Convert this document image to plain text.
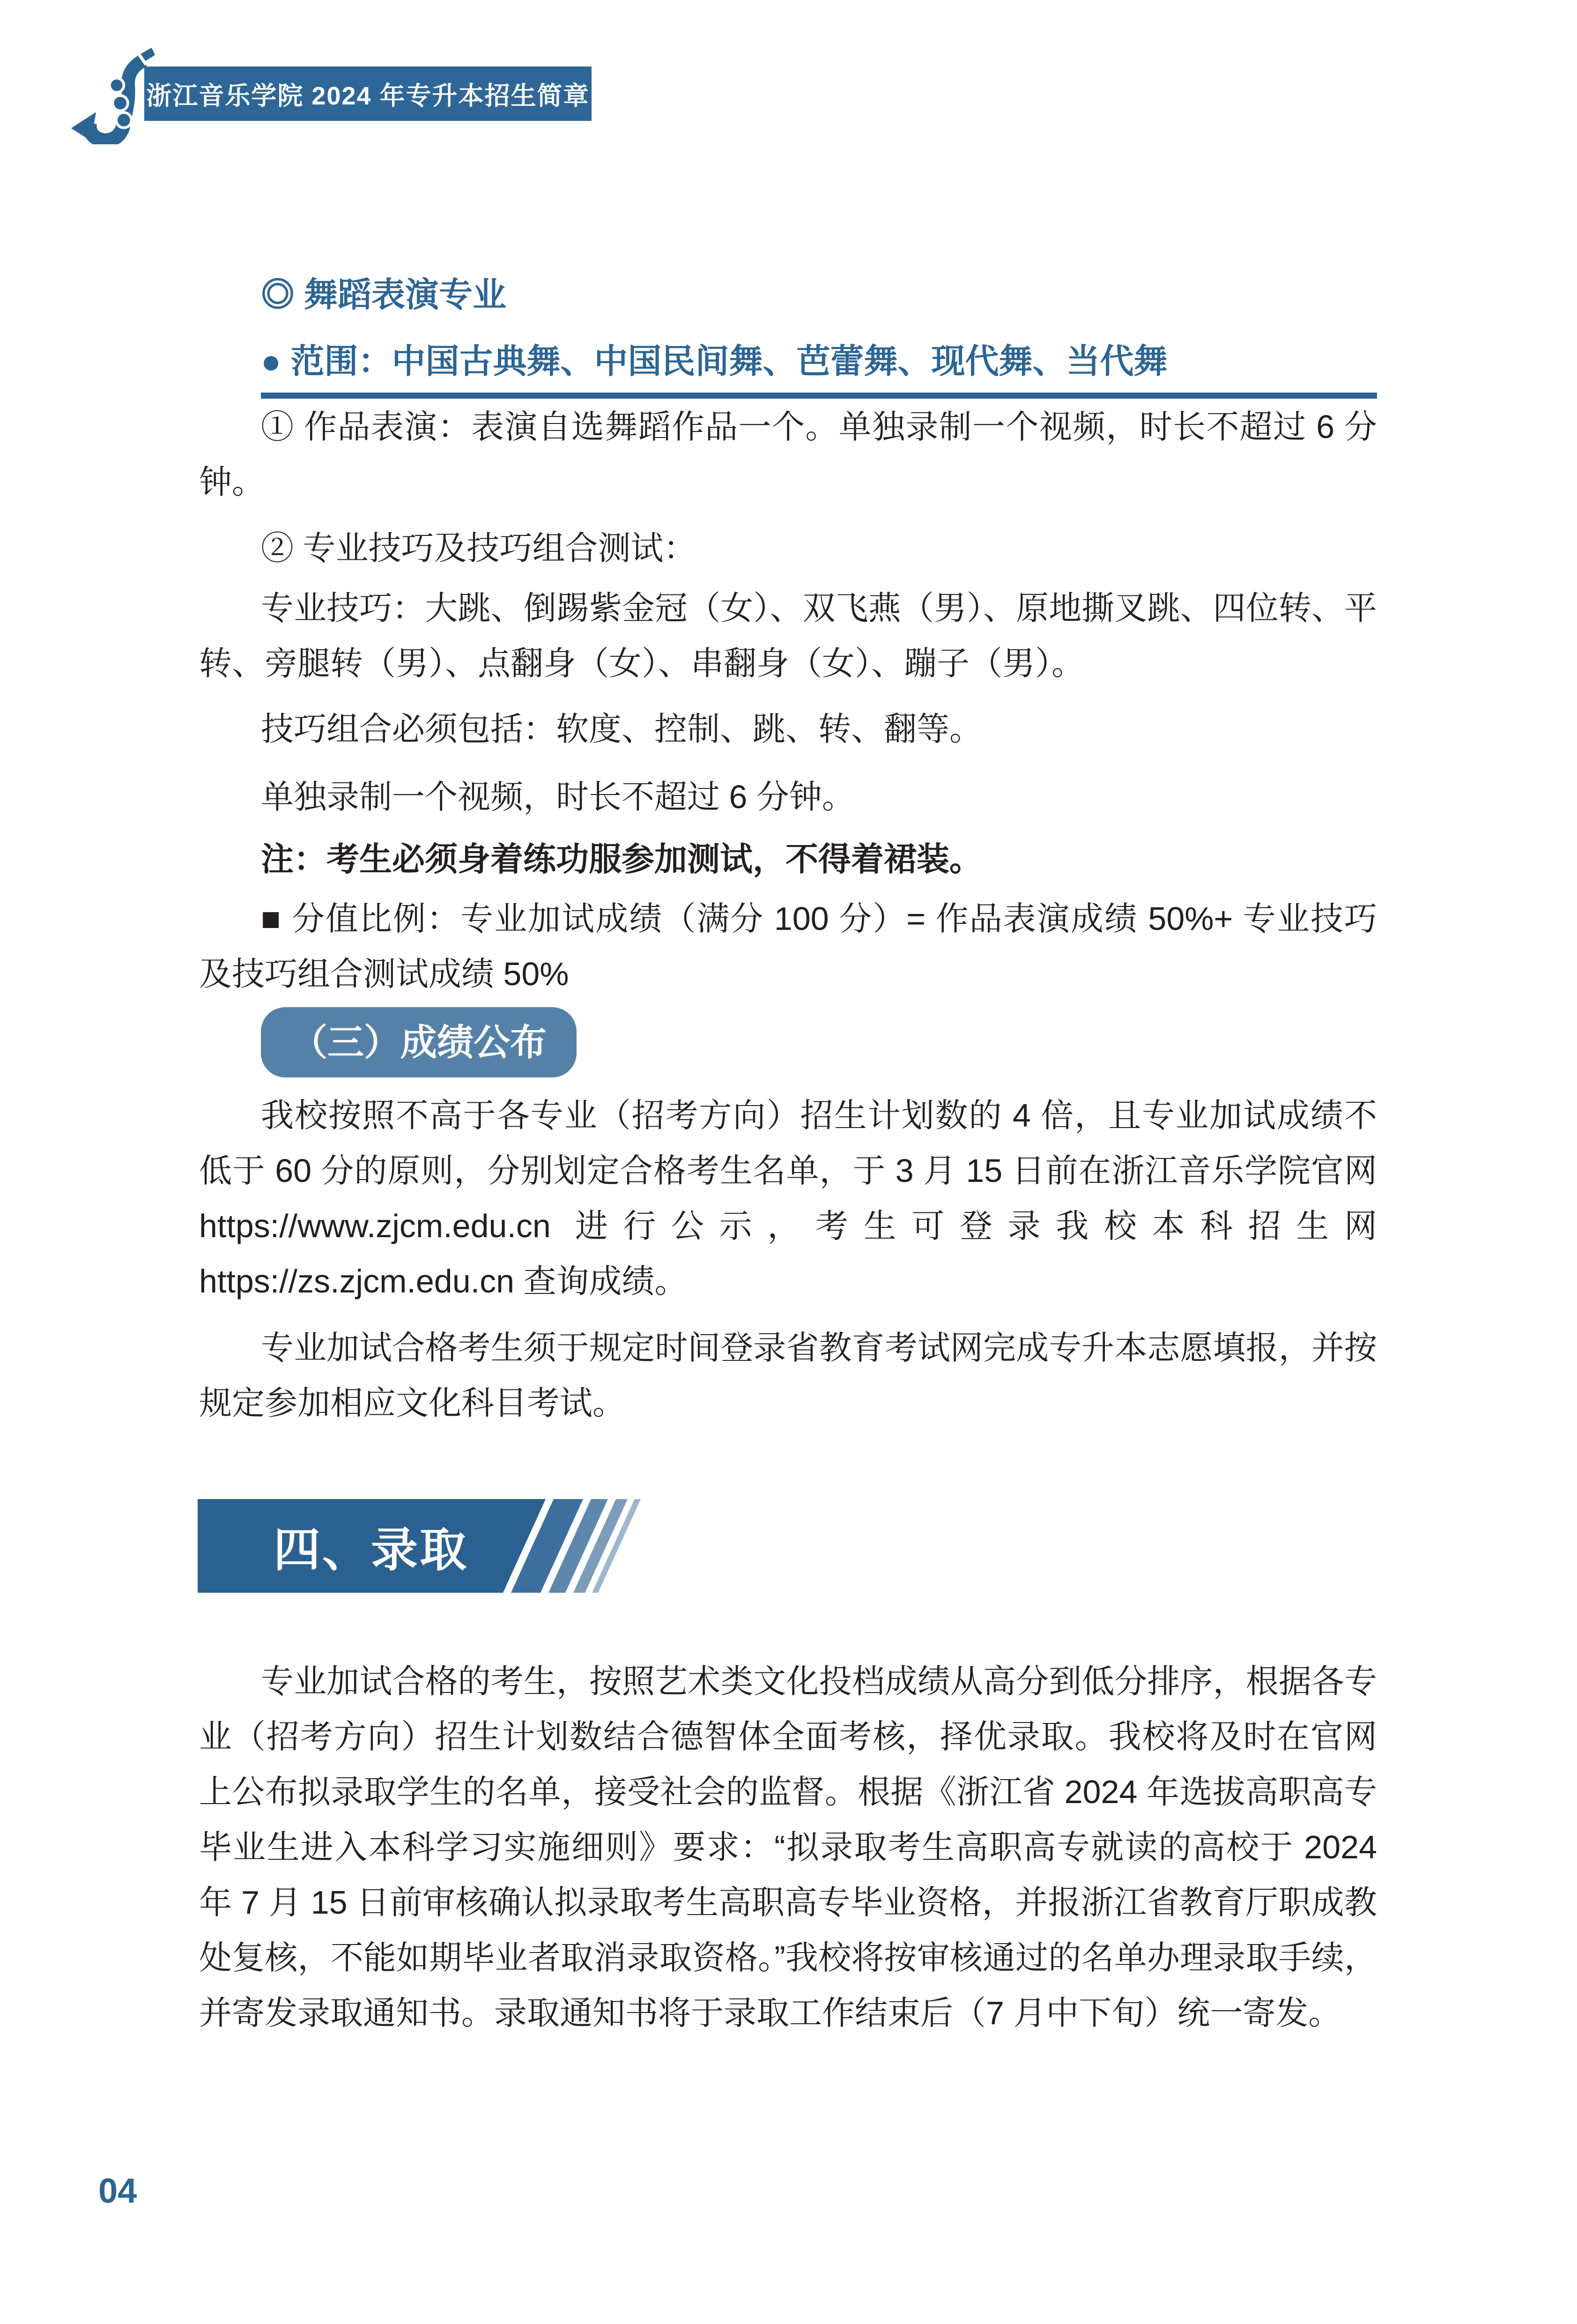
浙江音乐学院 2024 年专升本招生简章

◎ 舞蹈表演专业

● 范围：中国古典舞、中国民间舞、芭蕾舞、现代舞、当代舞

① 作品表演：表演自选舞蹈作品一个。单独录制一个视频，时长不超过 6 分钟。

② 专业技巧及技巧组合测试：

专业技巧：大跳、倒踢紫金冠（女）、双飞燕（男）、原地撕叉跳、四位转、平转、旁腿转（男）、点翻身（女）、串翻身（女）、蹦子（男）。

技巧组合必须包括：软度、控制、跳、转、翻等。

单独录制一个视频，时长不超过 6 分钟。

注：考生必须身着练功服参加测试，不得着裙装。

■ 分值比例：专业加试成绩（满分 100 分）= 作品表演成绩 50%+ 专业技巧及技巧组合测试成绩 50%

（三）成绩公布

我校按照不高于各专业（招考方向）招生计划数的 4 倍，且专业加试成绩不低于 60 分的原则，分别划定合格考生名单，于 3 月 15 日前在浙江音乐学院官网 https://www.zjcm.edu.cn 进行公示，考生可登录我校本科招生网 https://zs.zjcm.edu.cn 查询成绩。

专业加试合格考生须于规定时间登录省教育考试网完成专升本志愿填报，并按规定参加相应文化科目考试。

四、录取

专业加试合格的考生，按照艺术类文化投档成绩从高分到低分排序，根据各专业（招考方向）招生计划数结合德智体全面考核，择优录取。我校将及时在官网上公布拟录取学生的名单，接受社会的监督。根据《浙江省 2024 年选拔高职高专毕业生进入本科学习实施细则》要求：“拟录取考生高职高专就读的高校于 2024 年 7 月 15 日前审核确认拟录取考生高职高专毕业资格，并报浙江省教育厅职成教处复核，不能如期毕业者取消录取资格。”我校将按审核通过的名单办理录取手续，并寄发录取通知书。录取通知书将于录取工作结束后（7 月中下旬）统一寄发。

04
